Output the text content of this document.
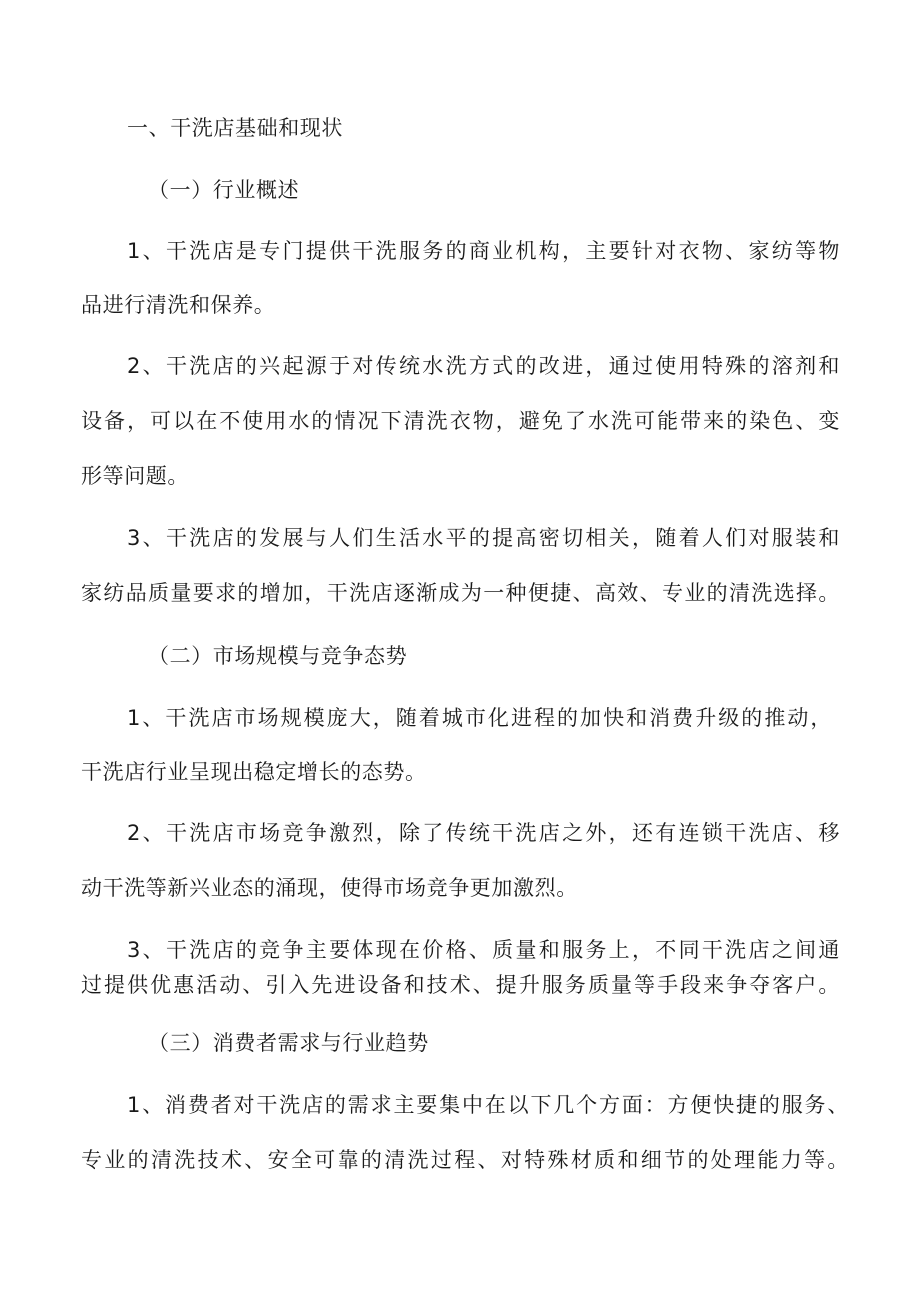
一、干洗店基础和现状
（一）行业概述
1、干洗店是专门提供干洗服务的商业机构，主要针对衣物、家纺等物
品进行清洗和保养。
2、干洗店的兴起源于对传统水洗方式的改进，通过使用特殊的溶剂和
设备，可以在不使用水的情况下清洗衣物，避免了水洗可能带来的染色、变
形等问题。
3、干洗店的发展与人们生活水平的提高密切相关，随着人们对服装和
家纺品质量要求的增加，干洗店逐渐成为一种便捷、高效、专业的清洗选择。
（二）市场规模与竞争态势
1、干洗店市场规模庞大，随着城市化进程的加快和消费升级的推动，
干洗店行业呈现出稳定增长的态势。
2、干洗店市场竞争激烈，除了传统干洗店之外，还有连锁干洗店、移
动干洗等新兴业态的涌现，使得市场竞争更加激烈。
3、干洗店的竞争主要体现在价格、质量和服务上，不同干洗店之间通
过提供优惠活动、引入先进设备和技术、提升服务质量等手段来争夺客户。
（三）消费者需求与行业趋势
1、消费者对干洗店的需求主要集中在以下几个方面：方便快捷的服务、
专业的清洗技术、安全可靠的清洗过程、对特殊材质和细节的处理能力等。
